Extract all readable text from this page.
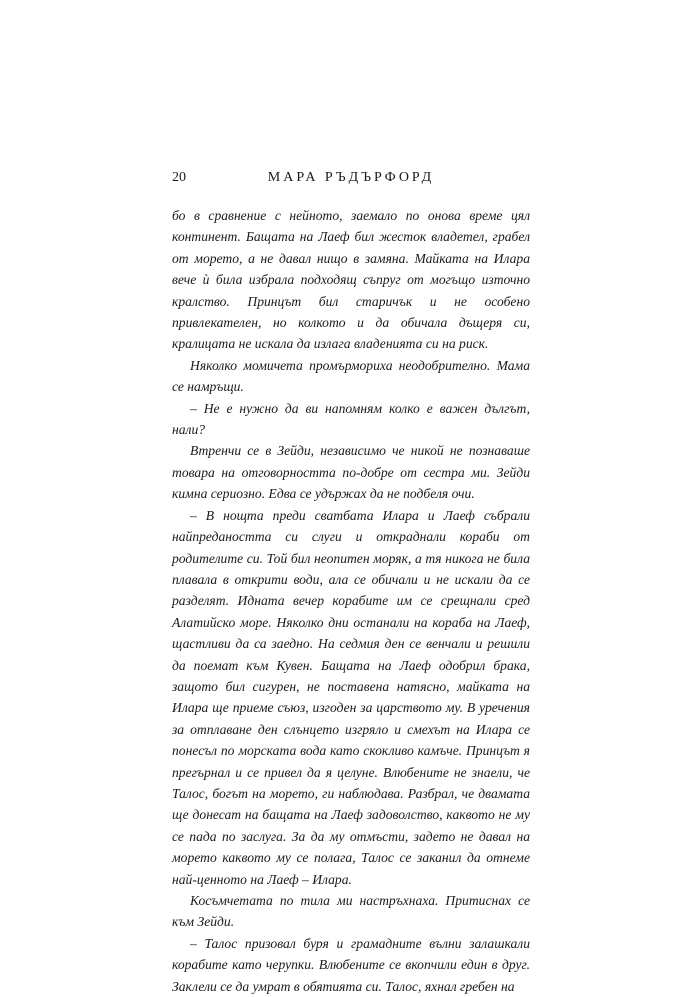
20	МАРА РЪДЪРФОРД

бо в сравнение с нейното, заемало по онова време цял континент. Бащата на Лаеф бил жесток владетел, грабел от морето, а не давал нищо в замяна. Майката на Илара вече ѝ била избрала подходящ съпруг от могъщо източно кралство. Принцът бил старичък и не особено привлекателен, но колкото и да обичала дъщеря си, кралицата не искала да излага владенията си на риск.

Няколко момичета промърмориха неодобрително. Мама се намръщи.

– Не е нужно да ви напомням колко е важен дългът, нали?

Втренчи се в Зейди, независимо че никой не познаваше товара на отговорността по-добре от сестра ми. Зейди кимна сериозно. Едва се удържах да не подбеля очи.

– В нощта преди сватбата Илара и Лаеф събрали найпредаността си слуги и откраднали кораби от родителите си. Той бил неопитен моряк, а тя никога не била плавала в открити води, ала се обичали и не искали да се разделят. Идната вечер корабите им се срещнали сред Алатийско море. Няколко дни останали на кораба на Лаеф, щастливи да са заедно. На седмия ден се венчали и решили да поемат към Кувен. Бащата на Лаеф одобрил брака, защото бил сигурен, не поставена натясно, майката на Илара ще приеме съюз, изгоден за царството му. В уречения за отплаване ден слънцето изгряло и смехът на Илара се понесъл по морската вода като скокливо камъче. Принцът я прегърнал и се привел да я целуне. Влюбените не знаели, че Талос, богът на морето, ги наблюдава. Разбрал, че двамата ще донесат на бащата на Лаеф задоволство, каквото не му се пада по заслуга. За да му отмъсти, задето не давал на морето каквото му се полага, Талос се заканил да отнеме най-ценното на Лаеф – Илара.

Косъмчетата по тила ми настръхнаха. Притиснах се към Зейди.

– Талос призовал буря и грамадните вълни залашкали корабите като черупки. Влюбените се вкопчили един в друг. Заклели се да умрат в обятията си. Талос, яхнал гребен на
